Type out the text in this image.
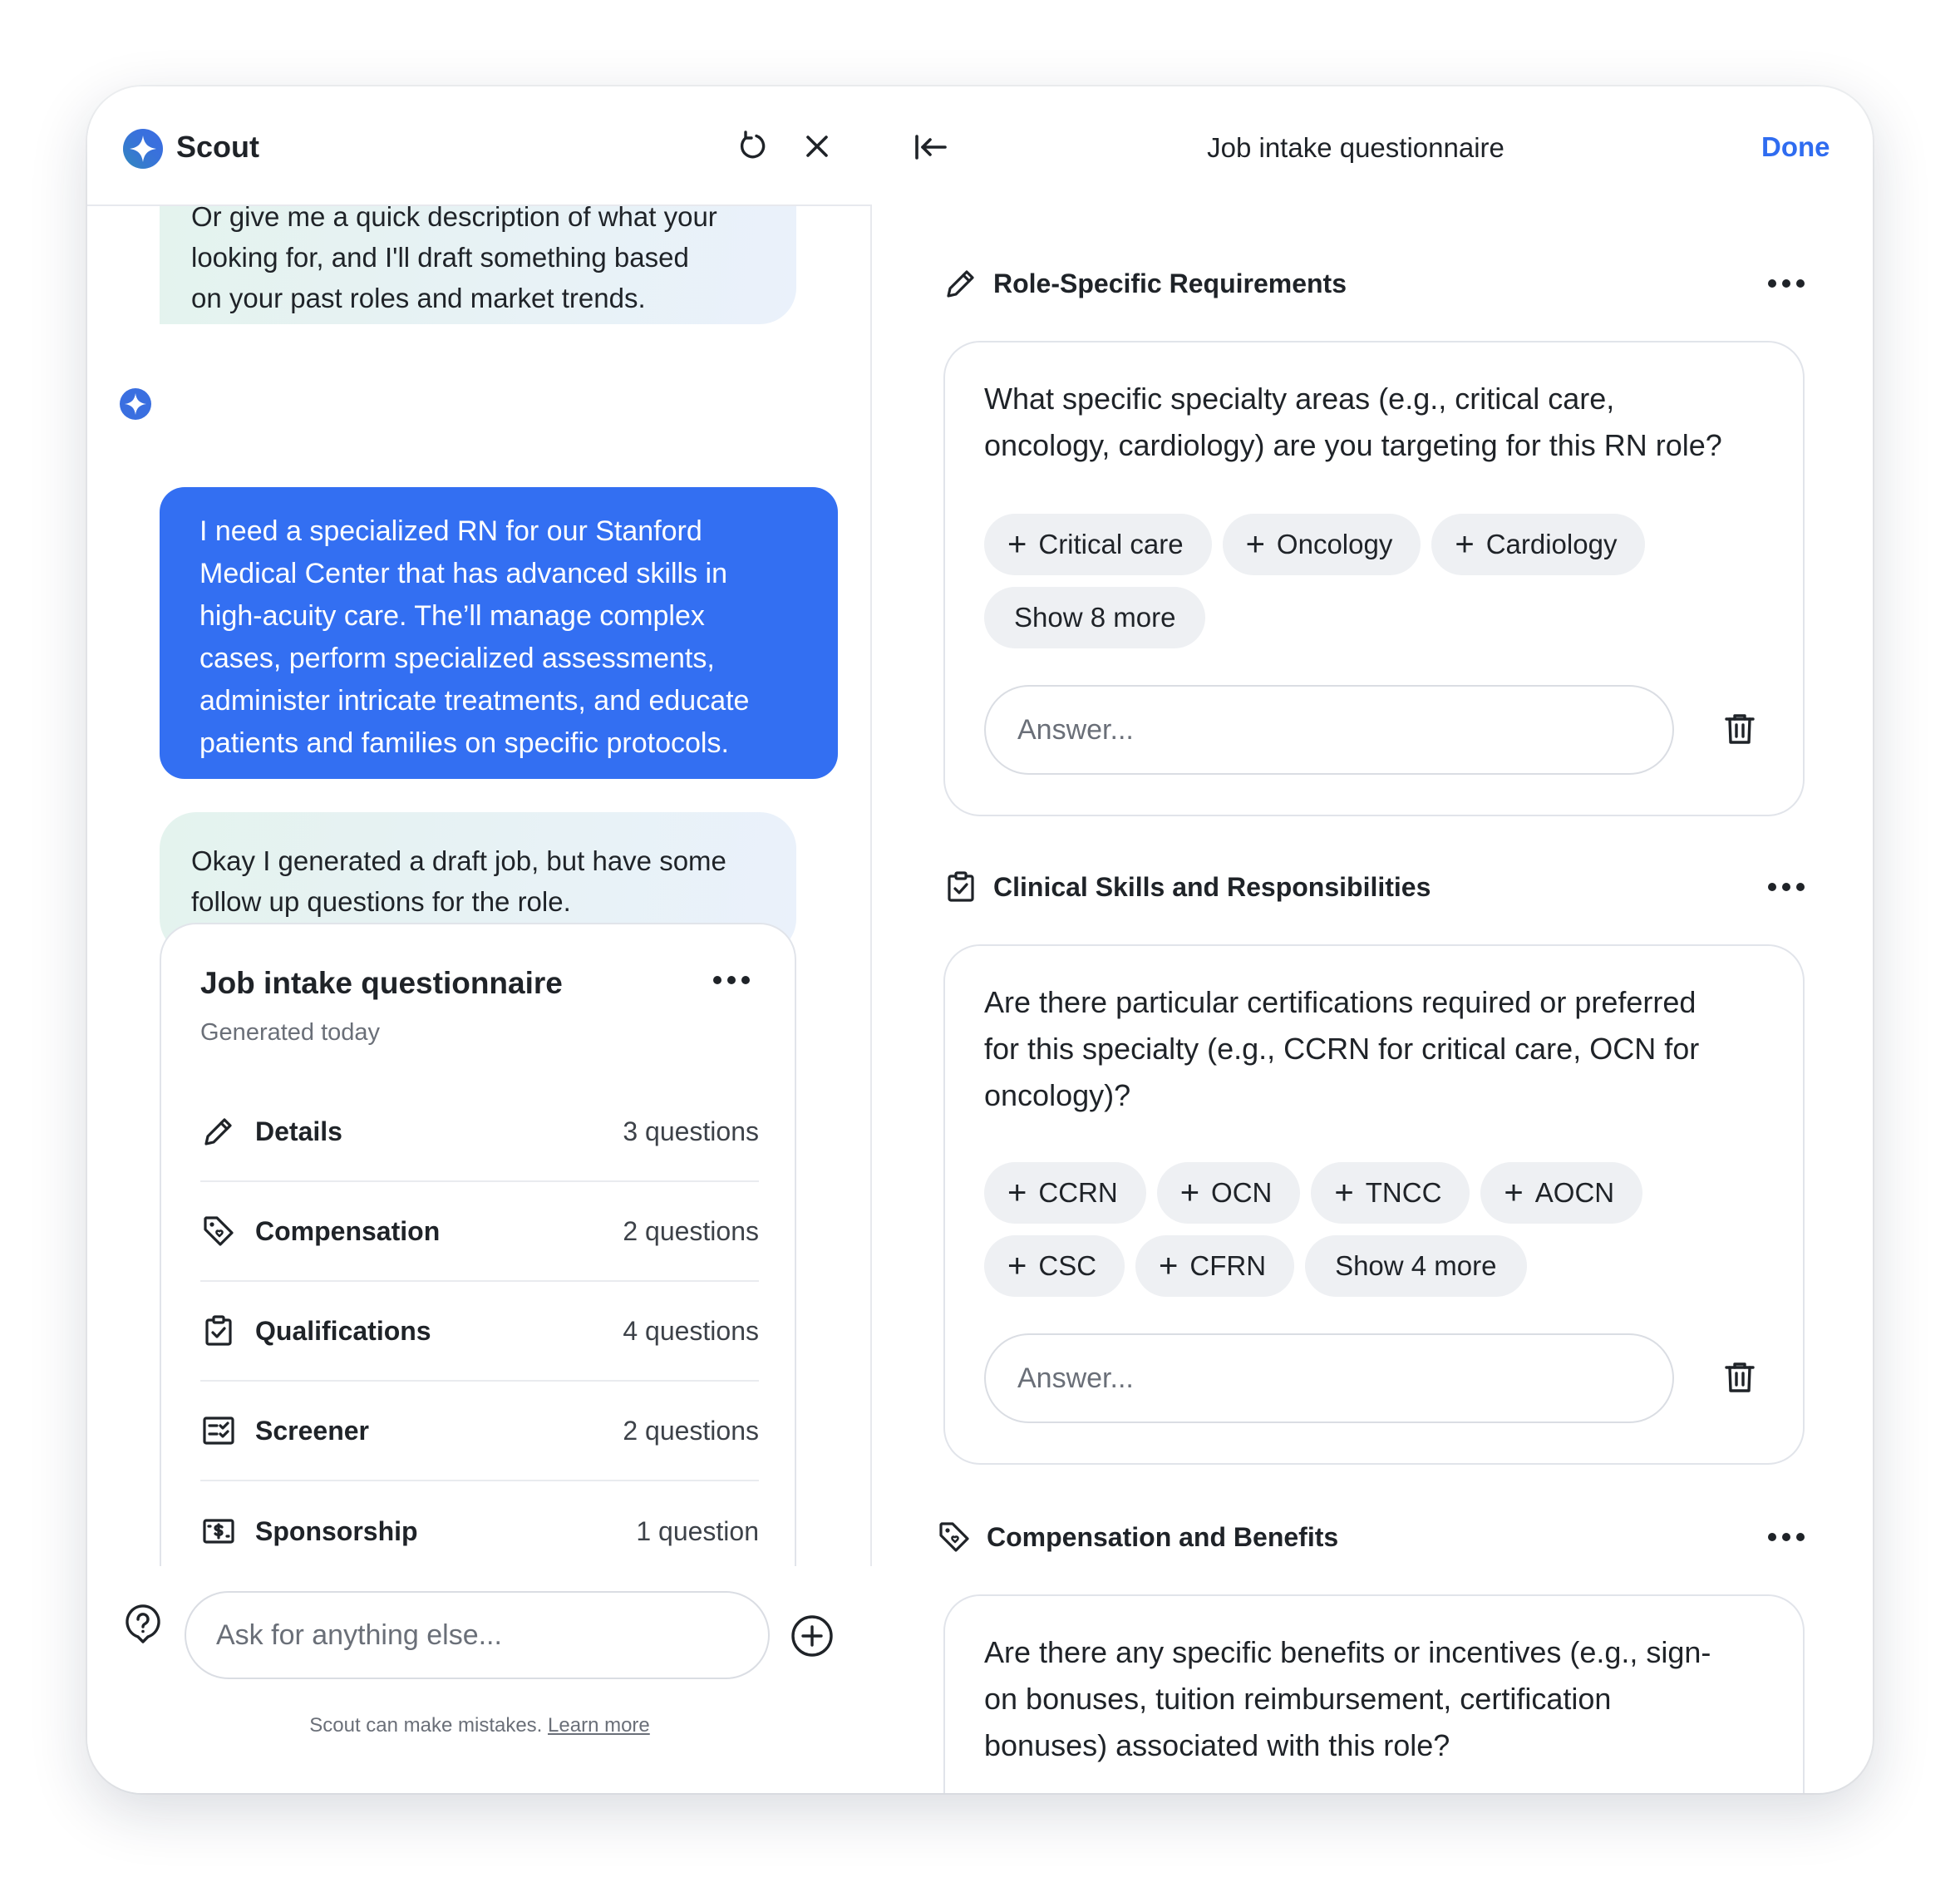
Scout
Or give me a quick description of what your
looking for, and I'll draft something based
on your past roles and market trends.
I need a specialized RN for our Stanford
Medical Center that has advanced skills in
high-acuity care. The’ll manage complex
cases, perform specialized assessments,
administer intricate treatments, and educate
patients and families on specific protocols.
Okay I generated a draft job, but have some
follow up questions for the role.
Job intake questionnaire
Generated today
Details	3 questions
Compensation	2 questions
Qualifications	4 questions
Screener	2 questions
Sponsorship	1 question
Ask for anything else...
Scout can make mistakes. Learn more
Job intake questionnaire	Done
Role-Specific Requirements
What specific specialty areas (e.g., critical care,
oncology, cardiology) are you targeting for this RN role?
+ Critical care + Oncology + Cardiology
Show 8 more
Answer...
Clinical Skills and Responsibilities
Are there particular certifications required or preferred
for this specialty (e.g., CCRN for critical care, OCN for
oncology)?
+ CCRN + OCN + TNCC + AOCN
+ CSC + CFRN	Show 4 more
Answer...
Compensation and Benefits
Are there any specific benefits or incentives (e.g., sign-
on bonuses, tuition reimbursement, certification
bonuses) associated with this role?
